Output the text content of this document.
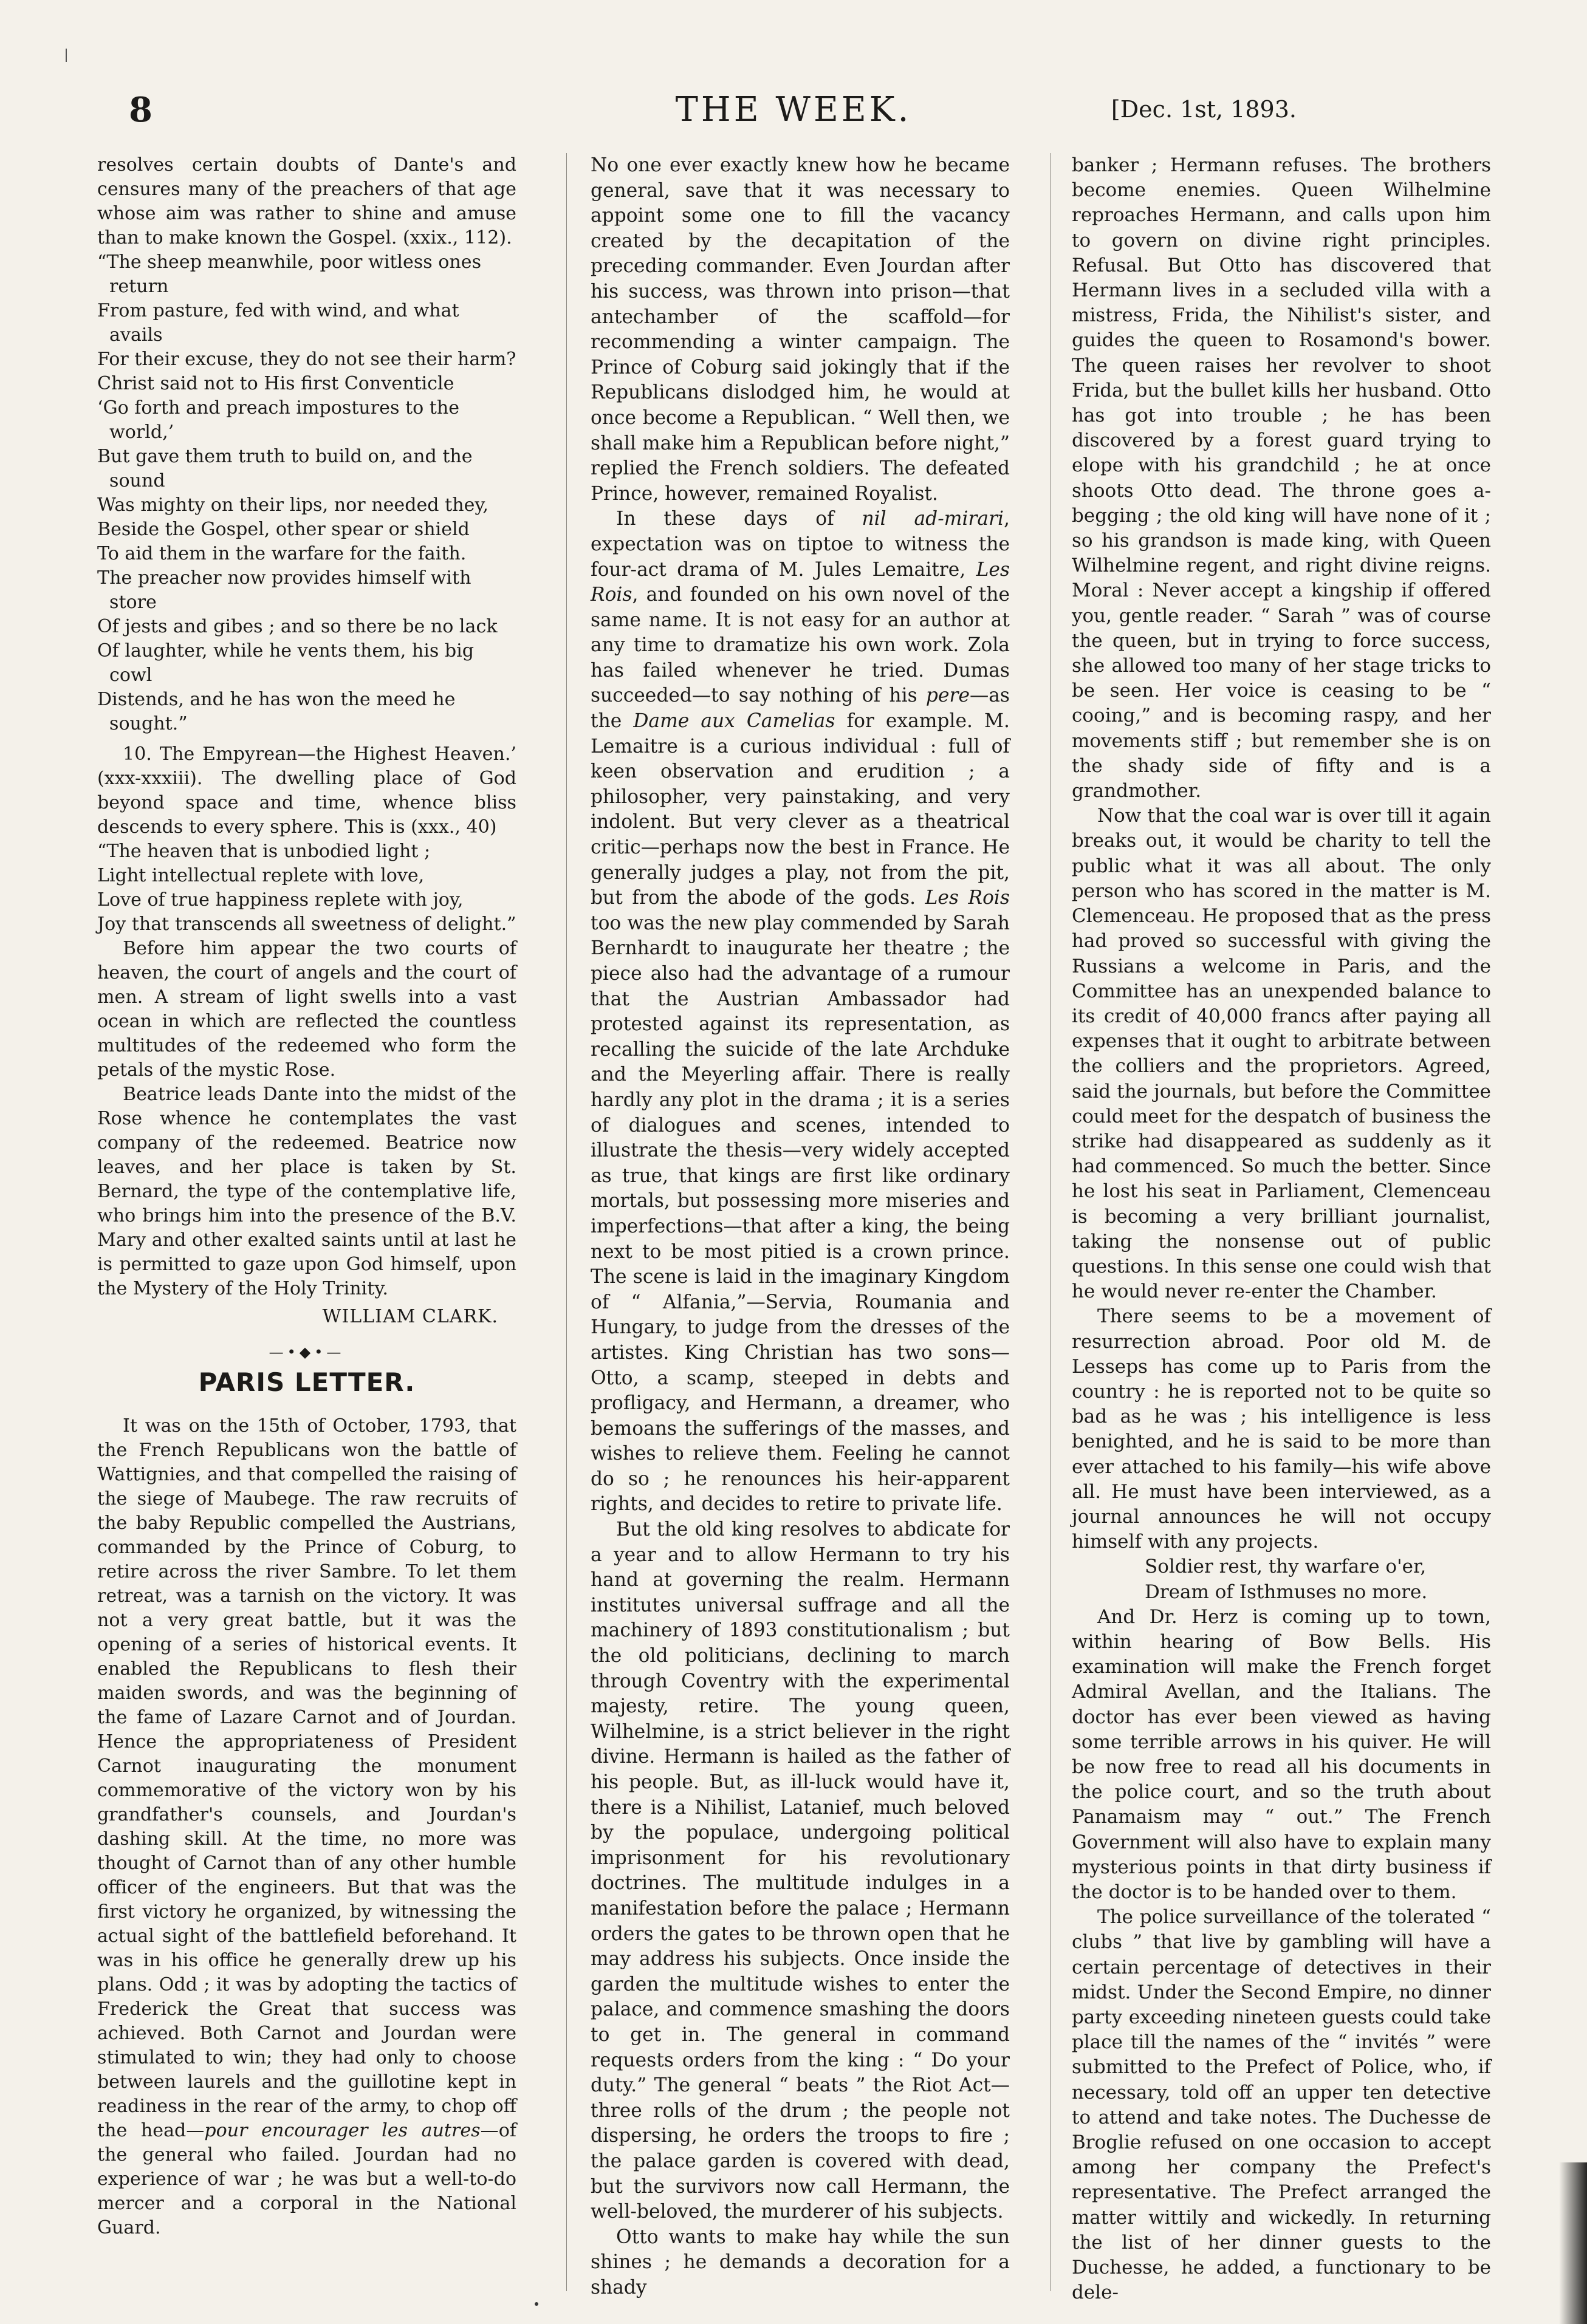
THE WEEK.
8	[Dec. 1st, 1893.

resolves certain doubts of Dante's and censures many of the preachers of that age whose aim was rather to shine and amuse than to make known the Gospel. (xxix., 112).

“The sheep meanwhile, poor witless ones return
From pasture, fed with wind, and what avails
For their excuse, they do not see their harm?
Christ said not to His first Conventicle
‘Go forth and preach impostures to the world,’
But gave them truth to build on, and the sound
Was mighty on their lips, nor needed they,
Beside the Gospel, other spear or shield
To aid them in the warfare for the faith.
The preacher now provides himself with store
Of jests and gibes ; and so there be no lack
Of laughter, while he vents them, his big cowl
Distends, and he has won the meed he sought.”

10. The Empyrean—the Highest Heaven.’ (xxx-xxxiii). The dwelling place of God beyond space and time, whence bliss descends to every sphere. This is (xxx., 40)

“The heaven that is unbodied light ;
Light intellectual replete with love,
Love of true happiness replete with joy,
Joy that transcends all sweetness of delight.”

Before him appear the two courts of heaven, the court of angels and the court of men. A stream of light swells into a vast ocean in which are reflected the countless multitudes of the redeemed who form the petals of the mystic Rose.

Beatrice leads Dante into the midst of the Rose whence he contemplates the vast company of the redeemed. Beatrice now leaves, and her place is taken by St. Bernard, the type of the contemplative life, who brings him into the presence of the B.V. Mary and other exalted saints until at last he is permitted to gaze upon God himself, upon the Mystery of the Holy Trinity.

WILLIAM CLARK.
—•◆•—
PARIS LETTER.

It was on the 15th of October, 1793, that the French Republicans won the battle of Wattignies, and that compelled the raising of the siege of Maubege. The raw recruits of the baby Republic compelled the Austrians, commanded by the Prince of Coburg, to retire across the river Sambre. To let them retreat, was a tarnish on the victory. It was not a very great battle, but it was the opening of a series of historical events. It enabled the Republicans to flesh their maiden swords, and was the beginning of the fame of Lazare Carnot and of Jourdan. Hence the appropriateness of President Carnot inaugurating the monument commemorative of the victory won by his grandfather's counsels, and Jourdan's dashing skill. At the time, no more was thought of Carnot than of any other humble officer of the engineers. But that was the first victory he organized, by witnessing the actual sight of the battlefield beforehand. It was in his office he generally drew up his plans. Odd ; it was by adopting the tactics of Frederick the Great that success was achieved. Both Carnot and Jourdan were stimulated to win; they had only to choose between laurels and the guillotine kept in readiness in the rear of the army, to chop off the head—pour encourager les autres—of the general who failed. Jourdan had no experience of war ; he was but a well-to-do mercer and a corporal in the National Guard.

No one ever exactly knew how he became general, save that it was necessary to appoint some one to fill the vacancy created by the decapitation of the preceding commander. Even Jourdan after his success, was thrown into prison—that antechamber of the scaffold—for recommending a winter campaign. The Prince of Coburg said jokingly that if the Republicans dislodged him, he would at once become a Republican. “ Well then, we shall make him a Republican before night,” replied the French soldiers. The defeated Prince, however, remained Royalist.

In these days of nil ad-mirari, expectation was on tiptoe to witness the four-act drama of M. Jules Lemaitre, Les Rois, and founded on his own novel of the same name. It is not easy for an author at any time to dramatize his own work. Zola has failed whenever he tried. Dumas succeeded—to say nothing of his pere—as the Dame aux Camelias for example. M. Lemaitre is a curious individual : full of keen observation and erudition ; a philosopher, very painstaking, and very indolent. But very clever as a theatrical critic—perhaps now the best in France. He generally judges a play, not from the pit, but from the abode of the gods. Les Rois too was the new play commended by Sarah Bernhardt to inaugurate her theatre ; the piece also had the advantage of a rumour that the Austrian Ambassador had protested against its representation, as recalling the suicide of the late Archduke and the Meyerling affair. There is really hardly any plot in the drama ; it is a series of dialogues and scenes, intended to illustrate the thesis—very widely accepted as true, that kings are first like ordinary mortals, but possessing more miseries and imperfections—that after a king, the being next to be most pitied is a crown prince. The scene is laid in the imaginary Kingdom of “ Alfania,”—Servia, Roumania and Hungary, to judge from the dresses of the artistes. King Christian has two sons—Otto, a scamp, steeped in debts and profligacy, and Hermann, a dreamer, who bemoans the sufferings of the masses, and wishes to relieve them. Feeling he cannot do so ; he renounces his heir-apparent rights, and decides to retire to private life.

But the old king resolves to abdicate for a year and to allow Hermann to try his hand at governing the realm. Hermann institutes universal suffrage and all the machinery of 1893 constitutionalism ; but the old politicians, declining to march through Coventry with the experimental majesty, retire. The young queen, Wilhelmine, is a strict believer in the right divine. Hermann is hailed as the father of his people. But, as ill-luck would have it, there is a Nihilist, Latanief, much beloved by the populace, undergoing political imprisonment for his revolutionary doctrines. The multitude indulges in a manifestation before the palace ; Hermann orders the gates to be thrown open that he may address his subjects. Once inside the garden the multitude wishes to enter the palace, and commence smashing the doors to get in. The general in command requests orders from the king : “ Do your duty.” The general “ beats ” the Riot Act—three rolls of the drum ; the people not dispersing, he orders the troops to fire ; the palace garden is covered with dead, but the survivors now call Hermann, the well-beloved, the murderer of his subjects.

Otto wants to make hay while the sun shines ; he demands a decoration for a shady

banker ; Hermann refuses. The brothers become enemies. Queen Wilhelmine reproaches Hermann, and calls upon him to govern on divine right principles. Refusal. But Otto has discovered that Hermann lives in a secluded villa with a mistress, Frida, the Nihilist's sister, and guides the queen to Rosamond's bower. The queen raises her revolver to shoot Frida, but the bullet kills her husband. Otto has got into trouble ; he has been discovered by a forest guard trying to elope with his grandchild ; he at once shoots Otto dead. The throne goes a-begging ; the old king will have none of it ; so his grandson is made king, with Queen Wilhelmine regent, and right divine reigns. Moral : Never accept a kingship if offered you, gentle reader. “ Sarah ” was of course the queen, but in trying to force success, she allowed too many of her stage tricks to be seen. Her voice is ceasing to be “ cooing,” and is becoming raspy, and her movements stiff ; but remember she is on the shady side of fifty and is a grandmother.

Now that the coal war is over till it again breaks out, it would be charity to tell the public what it was all about. The only person who has scored in the matter is M. Clemenceau. He proposed that as the press had proved so successful with giving the Russians a welcome in Paris, and the Committee has an unexpended balance to its credit of 40,000 francs after paying all expenses that it ought to arbitrate between the colliers and the proprietors. Agreed, said the journals, but before the Committee could meet for the despatch of business the strike had disappeared as suddenly as it had commenced. So much the better. Since he lost his seat in Parliament, Clemenceau is becoming a very brilliant journalist, taking the nonsense out of public questions. In this sense one could wish that he would never re-enter the Chamber.

There seems to be a movement of resurrection abroad. Poor old M. de Lesseps has come up to Paris from the country : he is reported not to be quite so bad as he was ; his intelligence is less benighted, and he is said to be more than ever attached to his family—his wife above all. He must have been interviewed, as a journal announces he will not occupy himself with any projects.

Soldier rest, thy warfare o'er,
Dream of Isthmuses no more.

And Dr. Herz is coming up to town, within hearing of Bow Bells. His examination will make the French forget Admiral Avellan, and the Italians. The doctor has ever been viewed as having some terrible arrows in his quiver. He will be now free to read all his documents in the police court, and so the truth about Panamaism may “ out.” The French Government will also have to explain many mysterious points in that dirty business if the doctor is to be handed over to them.

The police surveillance of the tolerated “ clubs ” that live by gambling will have a certain percentage of detectives in their midst. Under the Second Empire, no dinner party exceeding nineteen guests could take place till the names of the “ invités ” were submitted to the Prefect of Police, who, if necessary, told off an upper ten detective to attend and take notes. The Duchesse de Broglie refused on one occasion to accept among her company the Prefect's representative. The Prefect arranged the matter wittily and wickedly. In returning the list of her dinner guests to the Duchesse, he added, a functionary to be dele-
